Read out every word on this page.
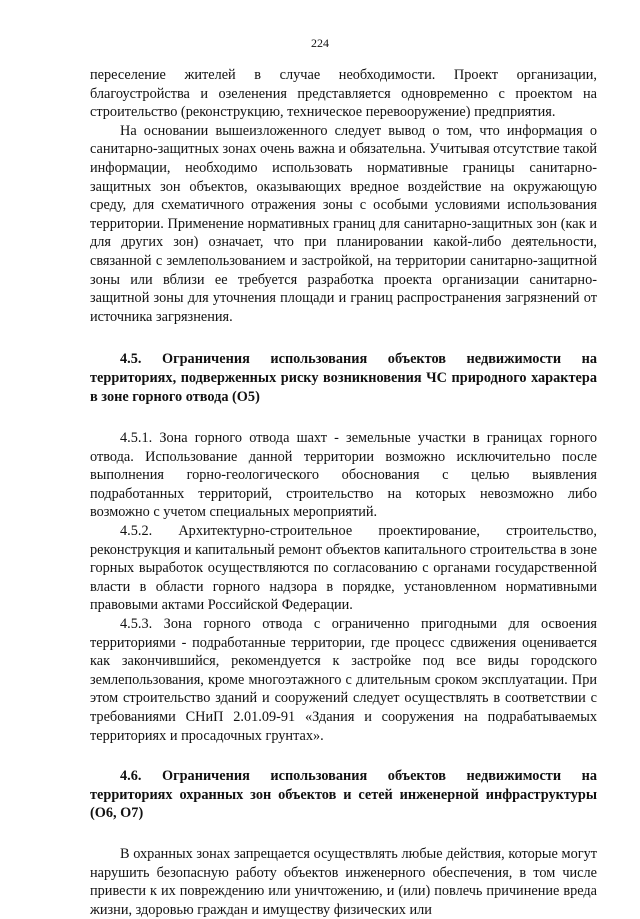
224

переселение жителей в случае необходимости. Проект организации, благоустройства и озеленения представляется одновременно с проектом на строительство (реконструкцию, техническое перевооружение) предприятия.

На основании вышеизложенного следует вывод о том, что информация о санитарно-защитных зонах очень важна и обязательна. Учитывая отсутствие такой информации, необходимо использовать нормативные границы санитарно-защитных зон объектов, оказывающих вредное воздействие на окружающую среду, для схематичного отражения зоны с особыми условиями использования территории. Применение нормативных границ для санитарно-защитных зон (как и для других зон) означает, что при планировании какой-либо деятельности, связанной с землепользованием и застройкой, на территории санитарно-защитной зоны или вблизи ее требуется разработка проекта организации санитарно-защитной зоны для уточнения площади и границ распространения загрязнений от источника загрязнения.

4.5. Ограничения использования объектов недвижимости на территориях, подверженных риску возникновения ЧС природного характера в зоне горного отвода (О5)

4.5.1. Зона горного отвода шахт - земельные участки в границах горного отвода. Использование данной территории возможно исключительно после выполнения горно-геологического обоснования с целью выявления подработанных территорий, строительство на которых невозможно либо возможно с учетом специальных мероприятий.

4.5.2. Архитектурно-строительное проектирование, строительство, реконструкция и капитальный ремонт объектов капитального строительства в зоне горных выработок осуществляются по согласованию с органами государственной власти в области горного надзора в порядке, установленном нормативными правовыми актами Российской Федерации.

4.5.3. Зона горного отвода с ограниченно пригодными для освоения территориями - подработанные территории, где процесс сдвижения оценивается как закончившийся, рекомендуется к застройке под все виды городского землепользования, кроме многоэтажного с длительным сроком эксплуатации. При этом строительство зданий и сооружений следует осуществлять в соответствии с требованиями СНиП 2.01.09-91 «Здания и сооружения на подрабатываемых территориях и просадочных грунтах».

4.6. Ограничения использования объектов недвижимости на территориях охранных зон объектов и сетей инженерной инфраструктуры (О6, О7)

В охранных зонах запрещается осуществлять любые действия, которые могут нарушить безопасную работу объектов инженерного обеспечения, в том числе привести к их повреждению или уничтожению, и (или) повлечь причинение вреда жизни, здоровью граждан и имуществу физических или
